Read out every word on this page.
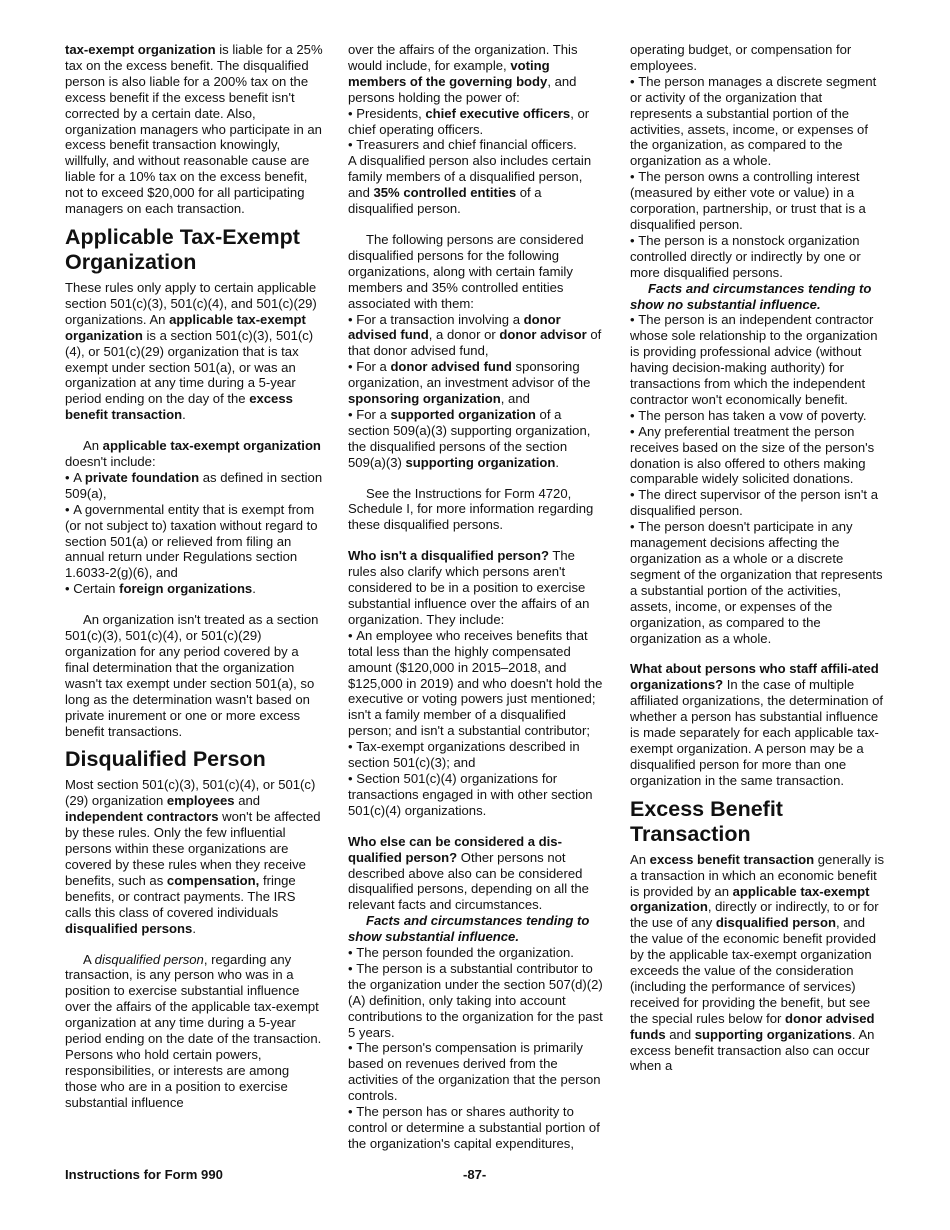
tax-exempt organization is liable for a 25% tax on the excess benefit. The disqualified person is also liable for a 200% tax on the excess benefit if the excess benefit isn't corrected by a certain date. Also, organization managers who participate in an excess benefit transaction knowingly, willfully, and without reasonable cause are liable for a 10% tax on the excess benefit, not to exceed $20,000 for all participating managers on each transaction.

Applicable Tax-Exempt Organization

These rules only apply to certain applicable section 501(c)(3), 501(c)(4), and 501(c)(29) organizations. An applicable tax-exempt organization is a section 501(c)(3), 501(c)(4), or 501(c)(29) organization that is tax exempt under section 501(a), or was an organization at any time during a 5-year period ending on the day of the excess benefit transaction.

An applicable tax-exempt organization doesn't include:

• A private foundation as defined in section 509(a),

• A governmental entity that is exempt from (or not subject to) taxation without regard to section 501(a) or relieved from filing an annual return under Regulations section 1.6033-2(g)(6), and

• Certain foreign organizations.

An organization isn't treated as a section 501(c)(3), 501(c)(4), or 501(c)(29) organization for any period covered by a final determination that the organization wasn't tax exempt under section 501(a), so long as the determination wasn't based on private inurement or one or more excess benefit transactions.

Disqualified Person

Most section 501(c)(3), 501(c)(4), or 501(c)(29) organization employees and independent contractors won't be affected by these rules. Only the few influential persons within these organizations are covered by these rules when they receive benefits, such as compensation, fringe benefits, or contract payments. The IRS calls this class of covered individuals disqualified persons.

A disqualified person, regarding any transaction, is any person who was in a position to exercise substantial influence over the affairs of the applicable tax-exempt organization at any time during a 5-year period ending on the date of the transaction. Persons who hold certain powers, responsibilities, or interests are among those who are in a position to exercise substantial influence

over the affairs of the organization. This would include, for example, voting members of the governing body, and persons holding the power of:

• Presidents, chief executive officers, or chief operating officers.

• Treasurers and chief financial officers.

A disqualified person also includes certain family members of a disqualified person, and 35% controlled entities of a disqualified person.

The following persons are considered disqualified persons for the following organizations, along with certain family members and 35% controlled entities associated with them:

• For a transaction involving a donor advised fund, a donor or donor advisor of that donor advised fund,

• For a donor advised fund sponsoring organization, an investment advisor of the sponsoring organization, and

• For a supported organization of a section 509(a)(3) supporting organization, the disqualified persons of the section 509(a)(3) supporting organization.

See the Instructions for Form 4720, Schedule I, for more information regarding these disqualified persons.

Who isn't a disqualified person? The rules also clarify which persons aren't considered to be in a position to exercise substantial influence over the affairs of an organization. They include:

• An employee who receives benefits that total less than the highly compensated amount ($120,000 in 2015–2018, and $125,000 in 2019) and who doesn't hold the executive or voting powers just mentioned; isn't a family member of a disqualified person; and isn't a substantial contributor;

• Tax-exempt organizations described in section 501(c)(3); and

• Section 501(c)(4) organizations for transactions engaged in with other section 501(c)(4) organizations.

Who else can be considered a dis-qualified person? Other persons not described above also can be considered disqualified persons, depending on all the relevant facts and circumstances.

Facts and circumstances tending to show substantial influence.

• The person founded the organization.

• The person is a substantial contributor to the organization under the section 507(d)(2)(A) definition, only taking into account contributions to the organization for the past 5 years.

• The person's compensation is primarily based on revenues derived from the activities of the organization that the person controls.

• The person has or shares authority to control or determine a substantial portion of the organization's capital expenditures,

operating budget, or compensation for employees.

• The person manages a discrete segment or activity of the organization that represents a substantial portion of the activities, assets, income, or expenses of the organization, as compared to the organization as a whole.

• The person owns a controlling interest (measured by either vote or value) in a corporation, partnership, or trust that is a disqualified person.

• The person is a nonstock organization controlled directly or indirectly by one or more disqualified persons.

Facts and circumstances tending to show no substantial influence.

• The person is an independent contractor whose sole relationship to the organization is providing professional advice (without having decision-making authority) for transactions from which the independent contractor won't economically benefit.

• The person has taken a vow of poverty.

• Any preferential treatment the person receives based on the size of the person's donation is also offered to others making comparable widely solicited donations.

• The direct supervisor of the person isn't a disqualified person.

• The person doesn't participate in any management decisions affecting the organization as a whole or a discrete segment of the organization that represents a substantial portion of the activities, assets, income, or expenses of the organization, as compared to the organization as a whole.

What about persons who staff affili-ated organizations? In the case of multiple affiliated organizations, the determination of whether a person has substantial influence is made separately for each applicable tax-exempt organization. A person may be a disqualified person for more than one organization in the same transaction.

Excess Benefit Transaction

An excess benefit transaction generally is a transaction in which an economic benefit is provided by an applicable tax-exempt organization, directly or indirectly, to or for the use of any disqualified person, and the value of the economic benefit provided by the applicable tax-exempt organization exceeds the value of the consideration (including the performance of services) received for providing the benefit, but see the special rules below for donor advised funds and supporting organizations. An excess benefit transaction also can occur when a

Instructions for Form 990	-87-
